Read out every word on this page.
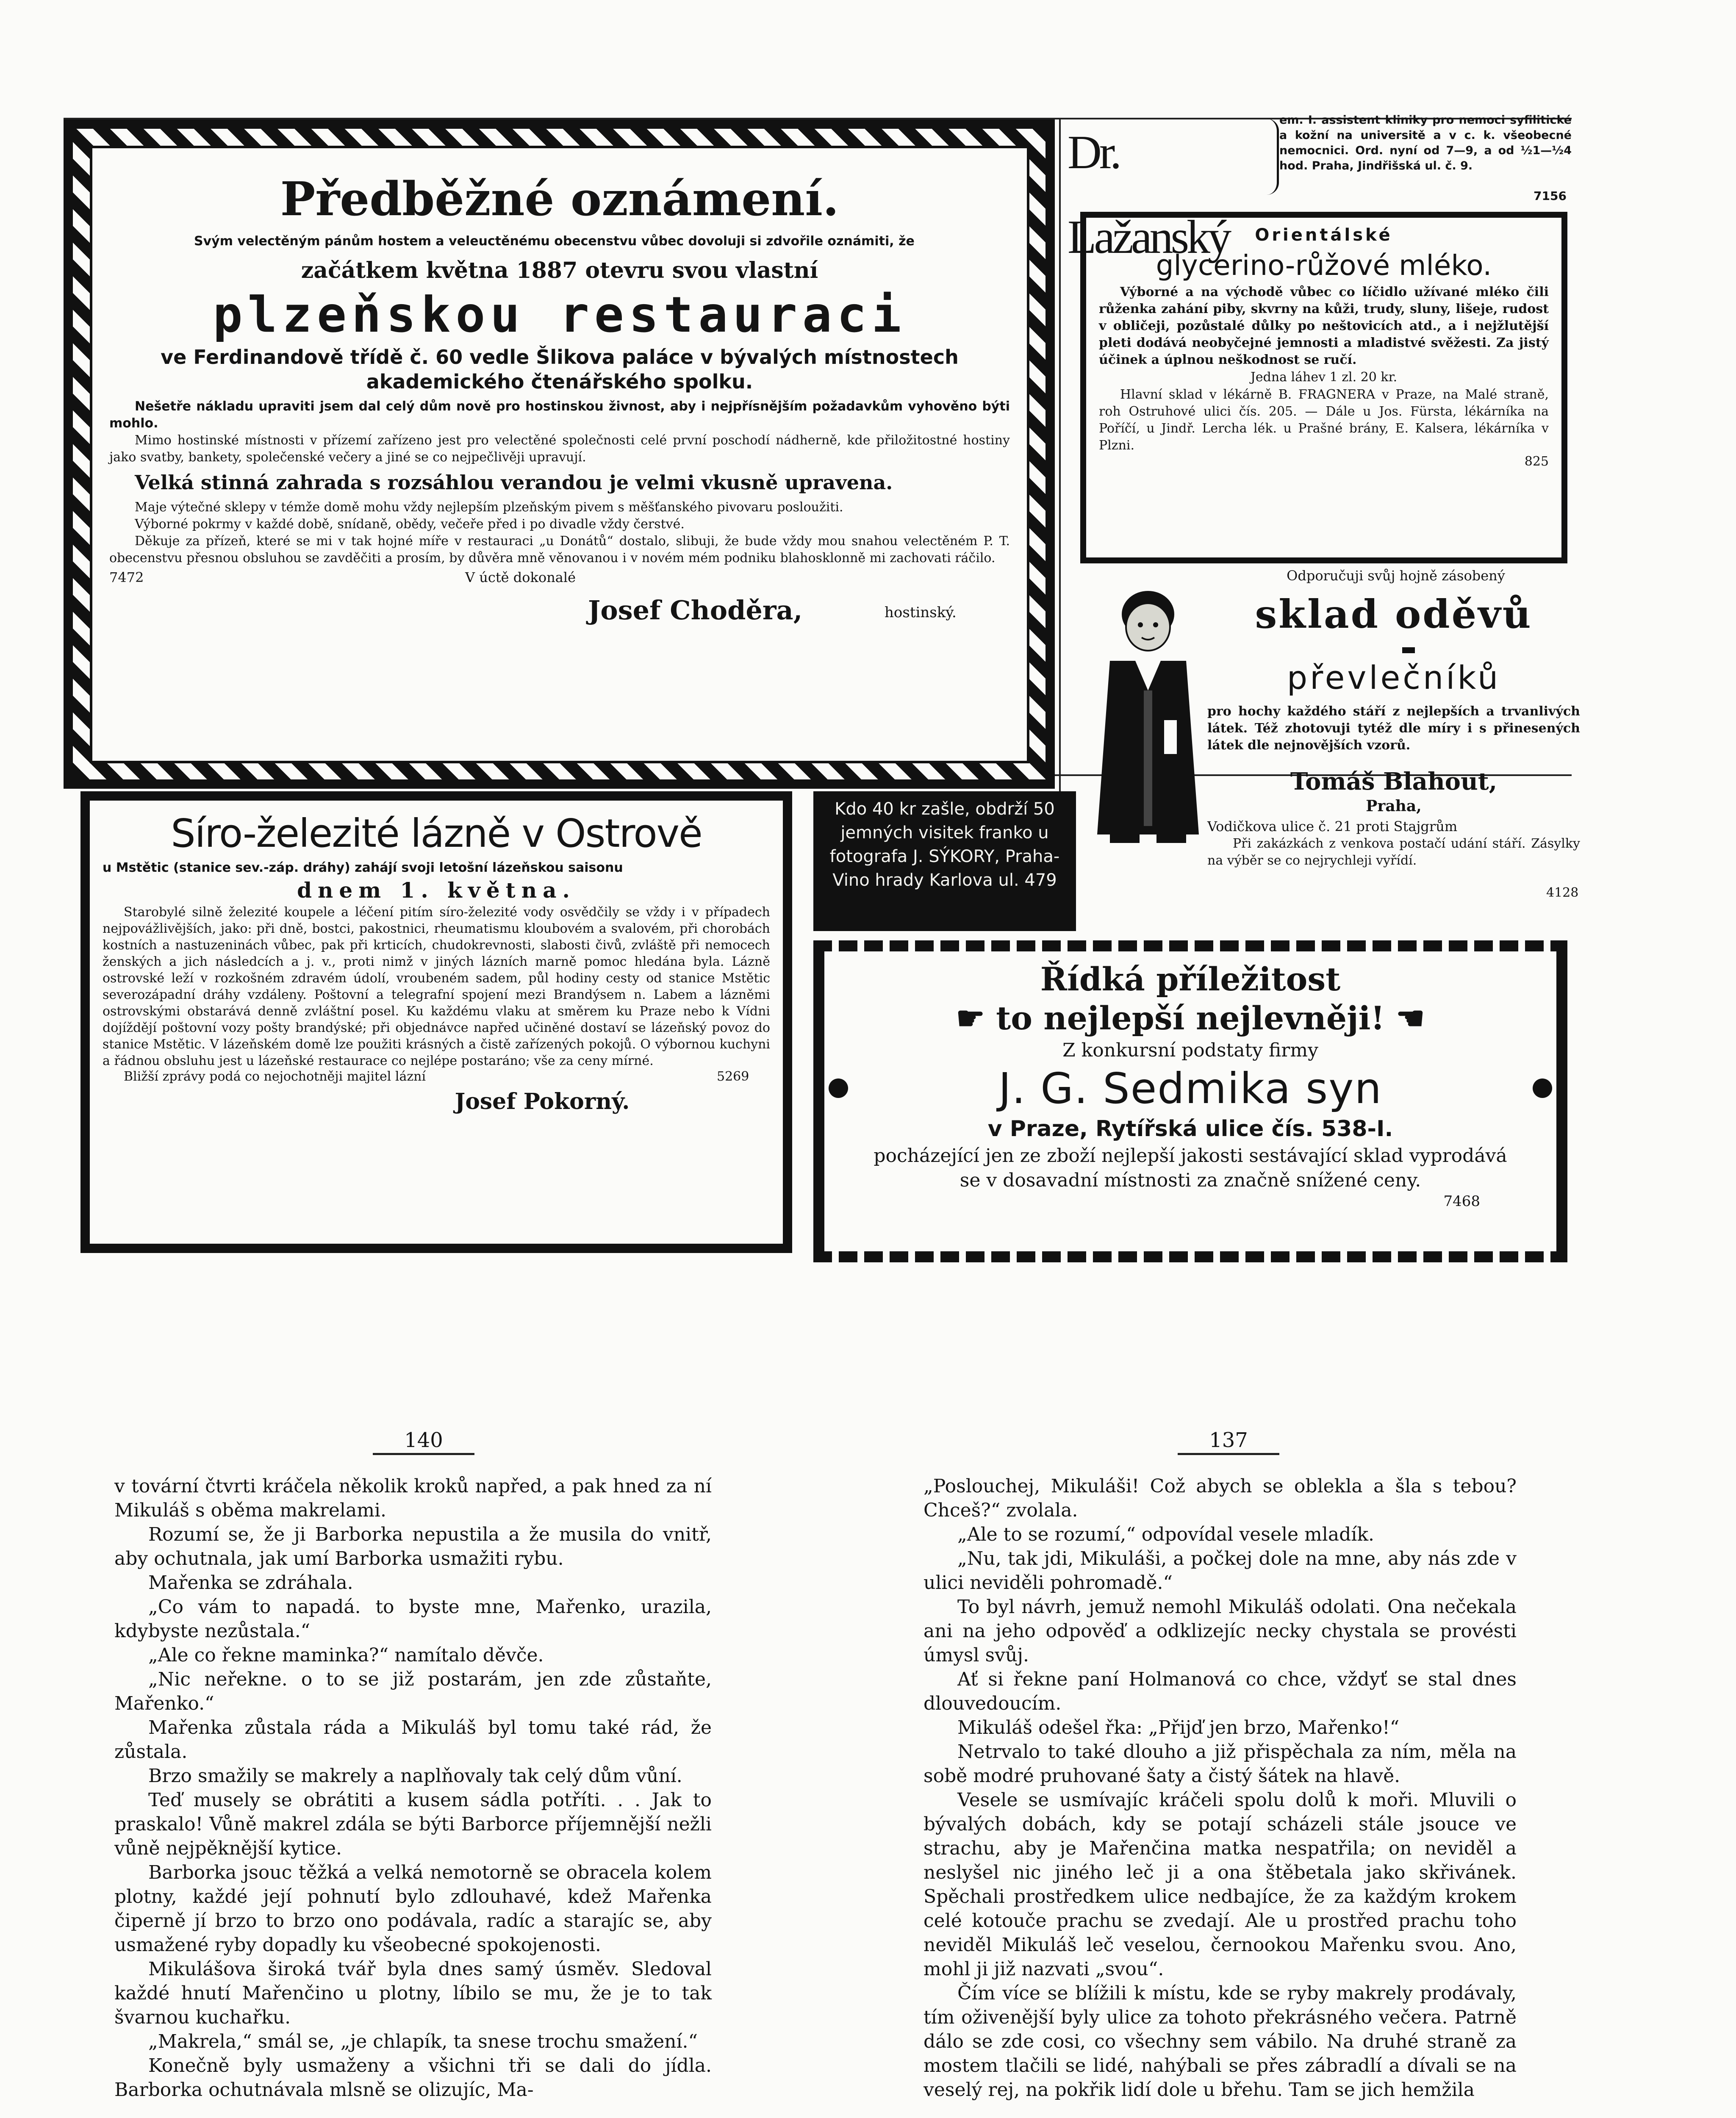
Předběžné oznámení.

Svým velectěným pánům hostem a veleuctěnému obecenstvu vůbec dovoluji si zdvořile oznámiti, že

začátkem května 1887 otevru svou vlastní
plzeňskou restauraci

ve Ferdinandově třídě č. 60 vedle Šlikova paláce v bývalých místnostech akademického čtenářského spolku.

Nešetře nákladu upraviti jsem dal celý dům nově pro hostinskou živnost, aby i nejpřísnějším požadavkům vyhověno býti mohlo.

Mimo hostinské místnosti v přízemí zařízeno jest pro velectěné společnosti celé první poschodí nádherně, kde přiložitostné hostiny jako svatby, bankety, společenské večery a jiné se co nejpečlivěji upravují.

Velká stinná zahrada s rozsáhlou verandou je velmi vkusně upravena.

Maje výtečné sklepy v témže domě mohu vždy nejlepším plzeňským pivem s měšťanského pivovaru posloužiti.

Výborné pokrmy v každé době, snídaně, obědy, večeře před i po divadle vždy čerstvé.

Děkuje za přízeň, které se mi v tak hojné míře v restauraci „u Donátů“ dostalo, slibuji, že bude vždy mou snahou velectěném P. T. obecenstvu přesnou obsluhou se zavděčiti a prosím, by důvěra mně věnovanou i v novém mém podniku blahosklonně mi zachovati ráčilo.

7472	V úctě dokonalé
Josef Choděra,	hostinský.
Dr. Lažanský

em. I. assistent kliniky pro nemoci syfilitické a kožní na universitě a v c. k. všeobecné nemocnici. Ord. nyní od 7—9, a od ½1—½4 hod. Praha, Jindřišská ul. č. 9.

7156
Orientálské
glycerino-růžové mléko.

Výborné a na východě vůbec co líčidlo užívané mléko čili růženka zahání piby, skvrny na kůži, trudy, sluny, lišeje, rudost v obličeji, pozůstalé důlky po neštovicích atd., a i nejžlutější pleti dodává neobyčejné jemnosti a mladistvé svěžesti. Za jistý účinek a úplnou neškodnost se ručí.

Jedna láhev 1 zl. 20 kr.

Hlavní sklad v lékárně B. FRAGNERA v Praze, na Malé straně, roh Ostruhové ulici čís. 205. — Dále u Jos. Fürsta, lékárníka na Poříčí, u Jindř. Lercha lék. u Prašné brány, E. Kalsera, lékárníka v Plzni.

825
Odporučuji svůj hojně zásobený
sklad oděvů
převlečníků

pro hochy každého stáří z nejlepších a trvanlivých látek. Též zhotovuji tytéž dle míry i s přinesených látek dle nejnovějších vzorů.

Tomáš Blahout,
Praha,
Vodičkova ulice č. 21 proti Stajgrům

Při zakázkách z venkova postačí udání stáří. Zásylky na výběr se co nejrychleji vyřídí.

4128
Síro-železité lázně v Ostrově

u Mstětic (stanice sev.-záp. dráhy) zahájí svoji letošní lázeňskou saisonu

dnem 1. května.

Starobylé silně železité koupele a léčení pitím síro-železité vody osvědčily se vždy i v případech nejpovážlivějších, jako: při dně, bostci, pakostnici, rheumatismu kloubovém a svalovém, při chorobách kostních a nastuzeninách vůbec, pak při krticích, chudokrevnosti, slabosti čivů, zvláště při nemocech ženských a jich následcích a j. v., proti nimž v jiných lázních marně pomoc hledána byla. Lázně ostrovské leží v rozkošném zdravém údolí, vroubeném sadem, půl hodiny cesty od stanice Mstětic severozápadní dráhy vzdáleny. Poštovní a telegrafní spojení mezi Brandýsem n. Labem a lázněmi ostrovskými obstarává denně zvláštní posel. Ku každému vlaku at směrem ku Praze nebo k Vídni dojíždějí poštovní vozy pošty brandýské; při objednávce napřed učiněné dostaví se lázeňský povoz do stanice Mstětic. V lázeňském domě lze použiti krásných a čistě zařízených pokojů. O výbornou kuchyni a řádnou obsluhu jest u lázeňské restaurace co nejlépe postaráno; vše za ceny mírné.

Bližší zprávy podá co nejochotněji majitel lázní	5269
Josef Pokorný.

Kdo 40 kr zašle, obdrží 50 jemných visitek franko u fotografa J. SÝKORY, Praha-Vino hrady Karlova ul. 479

Řídká příležitost
☛ to nejlepší nejlevněji! ☚
Z konkursní podstaty firmy
J. G. Sedmika syn
v Praze, Rytířská ulice čís. 538-I.

pocházející jen ze zboží nejlepší jakosti sestávající sklad vyprodává se v dosavadní místnosti za značně snížené ceny.

7468
140

v tovární čtvrti kráčela několik kroků napřed, a pak hned za ní Mikuláš s oběma makrelami.

Rozumí se, že ji Barborka nepustila a že musila do vnitř, aby ochutnala, jak umí Barborka usmažiti rybu.

Mařenka se zdráhala.

„Co vám to napadá. to byste mne, Mařenko, urazila, kdybyste nezůstala.“

„Ale co řekne maminka?“ namítalo děvče.

„Nic neřekne. o to se již postarám, jen zde zůstaňte, Mařenko.“

Mařenka zůstala ráda a Mikuláš byl tomu také rád, že zůstala.

Brzo smažily se makrely a naplňovaly tak celý dům vůní.

Teď musely se obrátiti a kusem sádla potříti. . . Jak to praskalo! Vůně makrel zdála se býti Barborce příjemnější nežli vůně nejpěknější kytice.

Barborka jsouc těžká a velká nemotorně se obracela kolem plotny, každé její pohnutí bylo zdlouhavé, kdež Mařenka čiperně jí brzo to brzo ono podávala, radíc a starajíc se, aby usmažené ryby dopadly ku všeobecné spokojenosti.

Mikulášova široká tvář byla dnes samý úsměv. Sledoval každé hnutí Mařenčino u plotny, líbilo se mu, že je to tak švarnou kuchařku.

„Makrela,“ smál se, „je chlapík, ta snese trochu smažení.“

Konečně byly usmaženy a všichni tři se dali do jídla. Barborka ochutnávala mlsně se olizujíc, Ma-

137

„Poslouchej, Mikuláši! Což abych se oblekla a šla s tebou? Chceš?“ zvolala.

„Ale to se rozumí,“ odpovídal vesele mladík.

„Nu, tak jdi, Mikuláši, a počkej dole na mne, aby nás zde v ulici neviděli pohromadě.“

To byl návrh, jemuž nemohl Mikuláš odolati. Ona nečekala ani na jeho odpověď a odklizejíc necky chystala se provésti úmysl svůj.

Ať si řekne paní Holmanová co chce, vždyť se stal dnes dlouvedoucím.

Mikuláš odešel řka: „Přijď jen brzo, Mařenko!“

Netrvalo to také dlouho a již přispěchala za ním, měla na sobě modré pruhované šaty a čistý šátek na hlavě.

Vesele se usmívajíc kráčeli spolu dolů k moři. Mluvili o bývalých dobách, kdy se potají scházeli stále jsouce ve strachu, aby je Mařenčina matka nespatřila; on neviděl a neslyšel nic jiného leč ji a ona štěbetala jako skřivánek. Spěchali prostředkem ulice nedbajíce, že za každým krokem celé kotouče prachu se zvedají. Ale u prostřed prachu toho neviděl Mikuláš leč veselou, černookou Mařenku svou. Ano, mohl ji již nazvati „svou“.

Čím více se blížili k místu, kde se ryby makrely prodávaly, tím oživenější byly ulice za tohoto překrásného večera. Patrně dálo se zde cosi, co všechny sem vábilo. Na druhé straně za mostem tlačili se lidé, nahýbali se přes zábradlí a dívali se na veselý rej, na pokřik lidí dole u břehu. Tam se jich hemžila
